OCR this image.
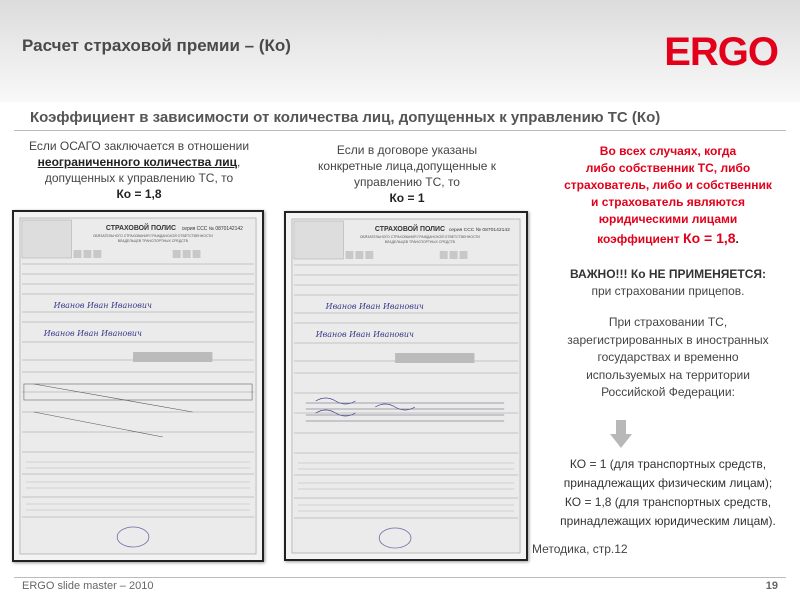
Расчет страховой премии – (Ко)	ERGO
Коэффициент в зависимости от количества лиц, допущенных к управлению ТС (Ко)
Если ОСАГО заключается в отношении
неограниченного количества лиц,
допущенных к управлению ТС, то
Ко = 1,8
Если в договоре указаны
конкретные лица,допущенные к
управлению ТС, то
Ко = 1
СТРАХОВОЙ ПОЛИС серия ССС № 0870142142
ОБЯЗАТЕЛЬНОГО СТРАХОВАНИЯ ГРАЖДАНСКОЙ ОТВЕТСТВЕННОСТИ
ВЛАДЕЛЬЦЕВ ТРАНСПОРТНЫХ СРЕДСТВ
Иванов Иван Иванович
Иванов Иван Иванович
СТРАХОВОЙ ПОЛИС серия ССС № 0870142142
ОБЯЗАТЕЛЬНОГО СТРАХОВАНИЯ ГРАЖДАНСКОЙ ОТВЕТСТВЕННОСТИ
ВЛАДЕЛЬЦЕВ ТРАНСПОРТНЫХ СРЕДСТВ
Иванов Иван Иванович
Иванов Иван Иванович
Во всех случаях, когда
либо собственник ТС, либо
страхователь, либо и собственник
и страхователь являются
юридическими лицами
коэффициент Ко = 1,8.
ВАЖНО!!! Ко НЕ ПРИМЕНЯЕТСЯ:
при страховании прицепов.
При страховании ТС,
зарегистрированных в иностранных
государствах и временно
используемых на территории
Российской Федерации:
КО = 1 (для транспортных средств,
принадлежащих физическим лицам);
КО = 1,8 (для транспортных средств,
принадлежащих юридическим лицам).
Методика, стр.12
ERGO slide master – 2010	19
